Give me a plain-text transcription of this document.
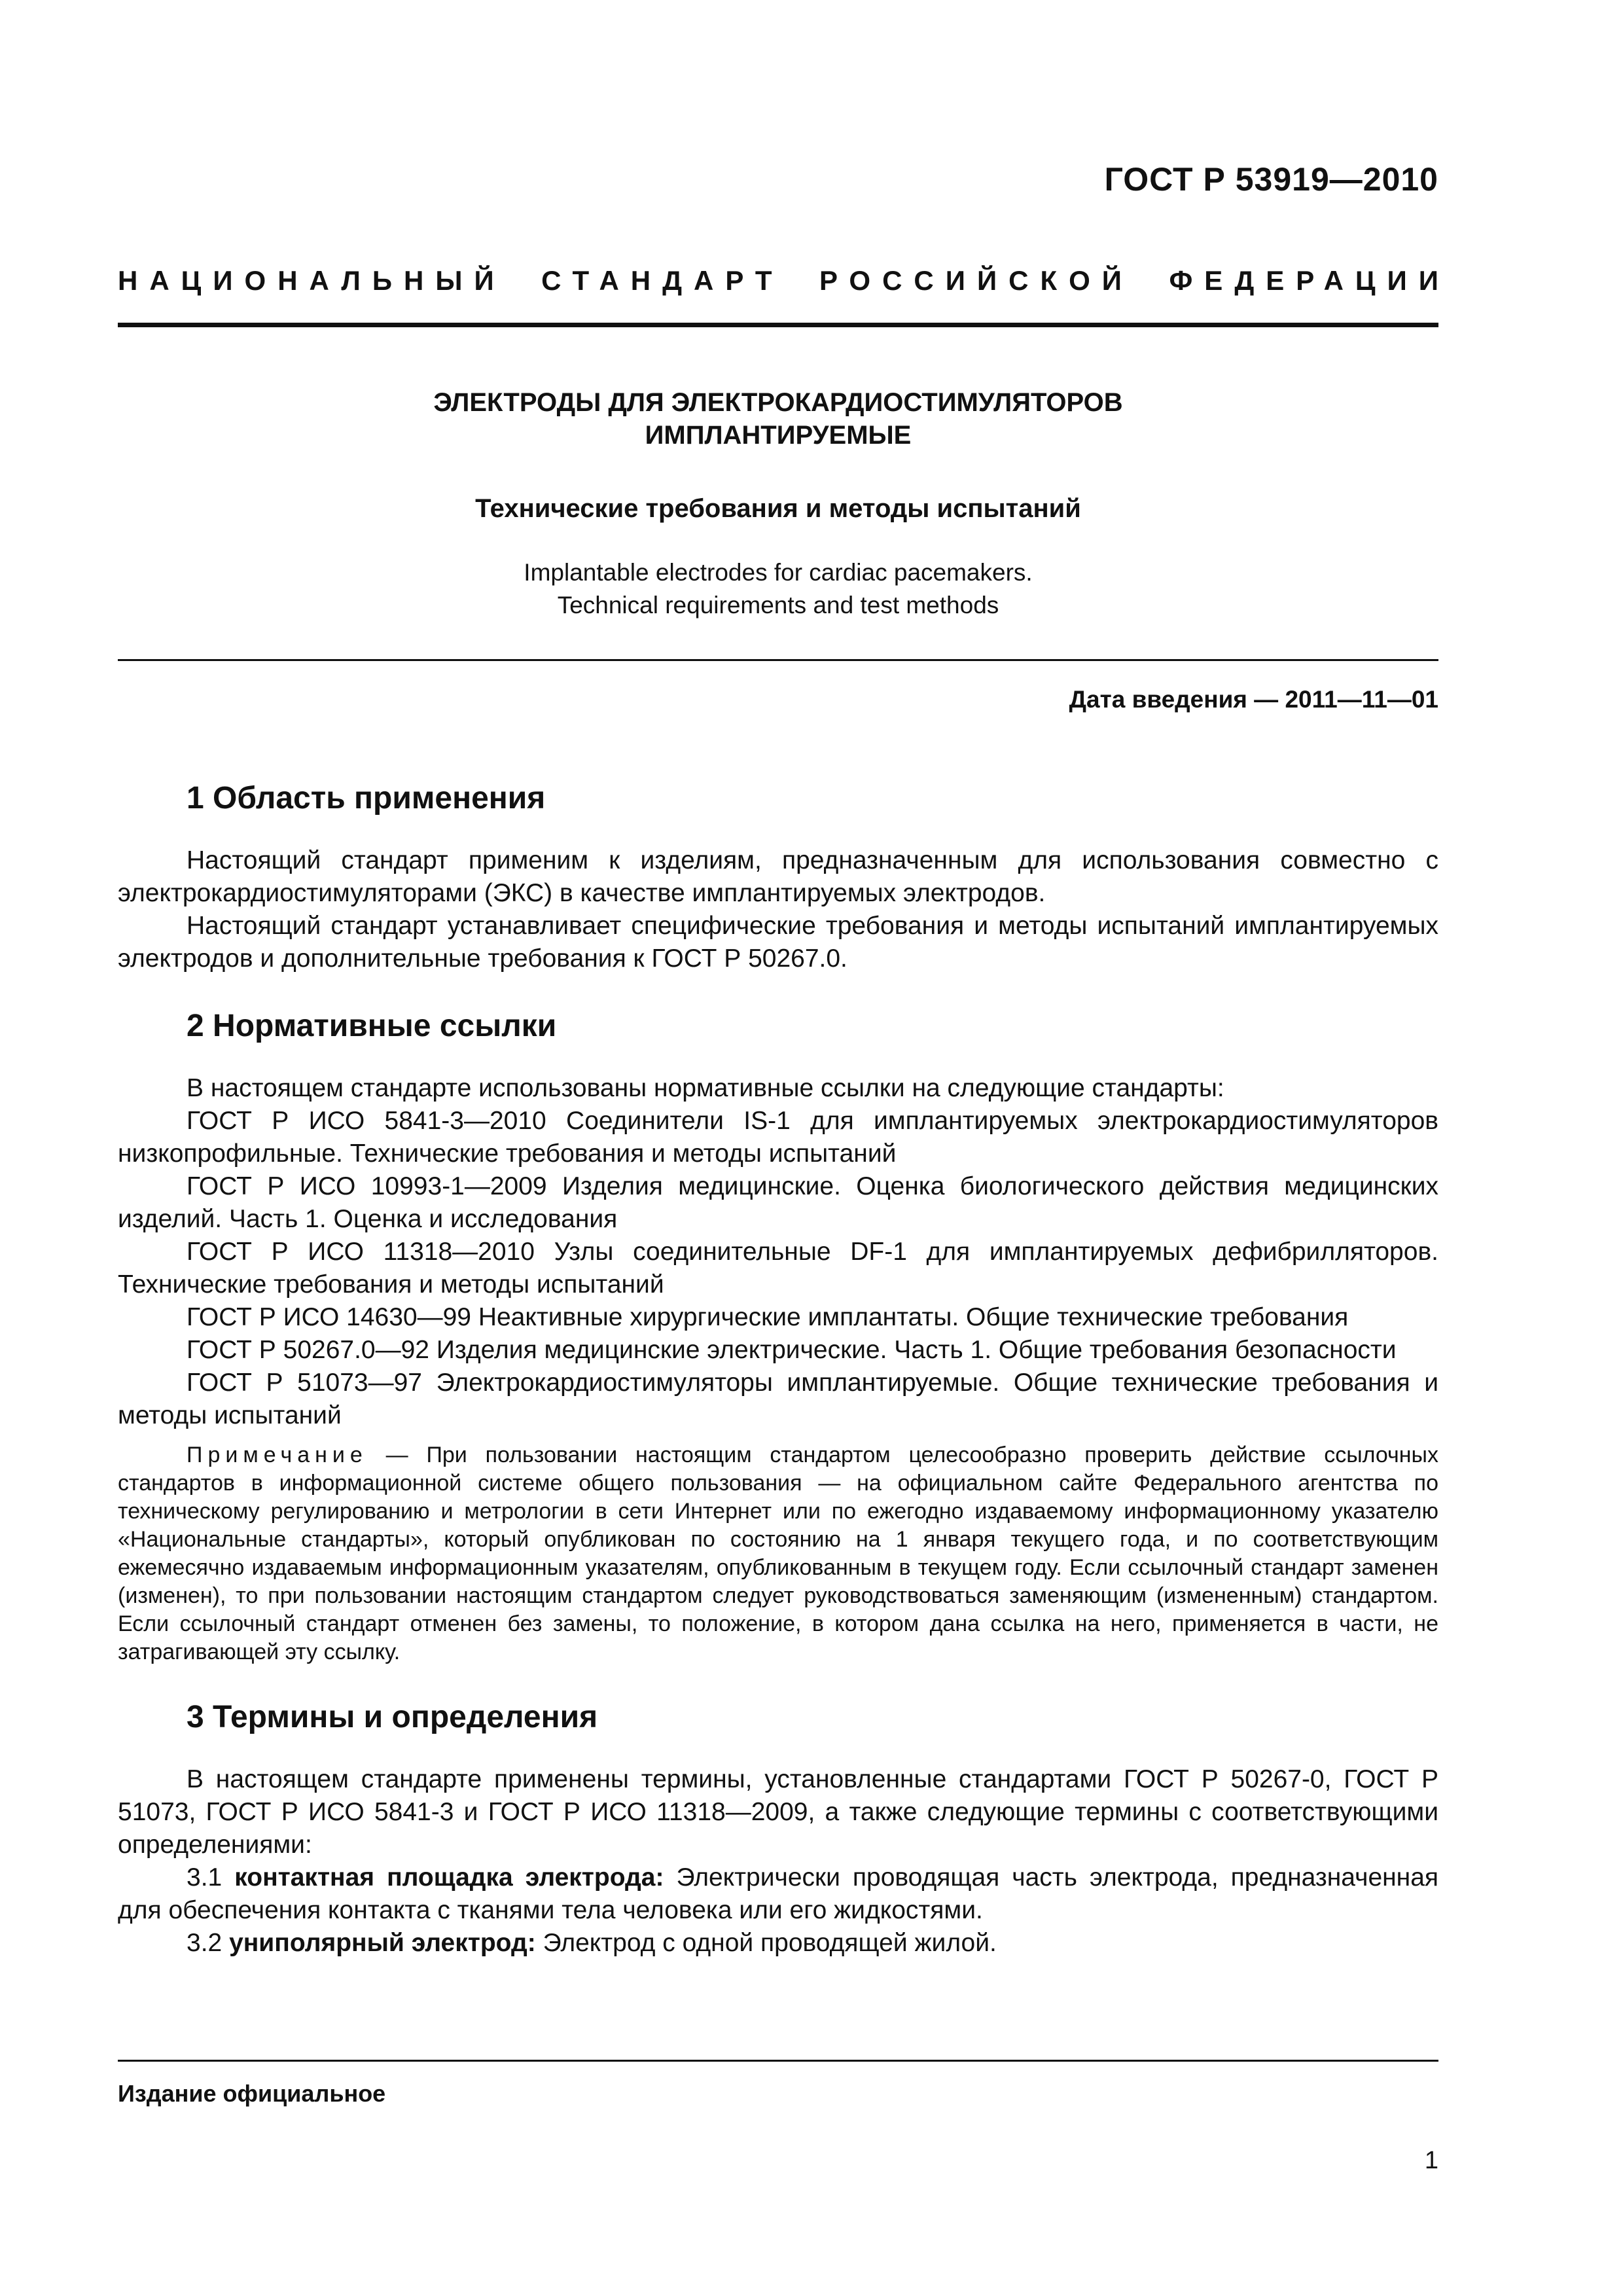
ГОСТ Р 53919—2010
НАЦИОНАЛЬНЫЙ СТАНДАРТ РОССИЙСКОЙ ФЕДЕРАЦИИ
ЭЛЕКТРОДЫ ДЛЯ ЭЛЕКТРОКАРДИОСТИМУЛЯТОРОВ
ИМПЛАНТИРУЕМЫЕ
Технические требования и методы испытаний
Implantable electrodes for cardiac pacemakers.
Technical requirements and test methods
Дата введения — 2011—11—01
1 Область применения

Настоящий стандарт применим к изделиям, предназначенным для использования совместно с электрокардиостимуляторами (ЭКС) в качестве имплантируемых электродов.

Настоящий стандарт устанавливает специфические требования и методы испытаний имплантируемых электродов и дополнительные требования к ГОСТ Р 50267.0.

2 Нормативные ссылки

В настоящем стандарте использованы нормативные ссылки на следующие стандарты:

ГОСТ Р ИСО 5841-3—2010 Соединители IS-1 для имплантируемых электрокардиостимуляторов низкопрофильные. Технические требования и методы испытаний

ГОСТ Р ИСО 10993-1—2009 Изделия медицинские. Оценка биологического действия медицинских изделий. Часть 1. Оценка и исследования

ГОСТ Р ИСО 11318—2010 Узлы соединительные DF-1 для имплантируемых дефибрилляторов. Технические требования и методы испытаний

ГОСТ Р ИСО 14630—99 Неактивные хирургические имплантаты. Общие технические требования

ГОСТ Р 50267.0—92 Изделия медицинские электрические. Часть 1. Общие требования безопасности

ГОСТ Р 51073—97 Электрокардиостимуляторы имплантируемые. Общие технические требования и методы испытаний

Примечание — При пользовании настоящим стандартом целесообразно проверить действие ссылочных стандартов в информационной системе общего пользования — на официальном сайте Федерального агентства по техническому регулированию и метрологии в сети Интернет или по ежегодно издаваемому информационному указателю «Национальные стандарты», который опубликован по состоянию на 1 января текущего года, и по соответствующим ежемесячно издаваемым информационным указателям, опубликованным в текущем году. Если ссылочный стандарт заменен (изменен), то при пользовании настоящим стандартом следует руководствоваться заменяющим (измененным) стандартом. Если ссылочный стандарт отменен без замены, то положение, в котором дана ссылка на него, применяется в части, не затрагивающей эту ссылку.

3 Термины и определения

В настоящем стандарте применены термины, установленные стандартами ГОСТ Р 50267-0, ГОСТ Р 51073, ГОСТ Р ИСО 5841-3 и ГОСТ Р ИСО 11318—2009, а также следующие термины с соответствующими определениями:

3.1 контактная площадка электрода: Электрически проводящая часть электрода, предназначенная для обеспечения контакта с тканями тела человека или его жидкостями.

3.2 униполярный электрод: Электрод с одной проводящей жилой.

Издание официальное
1
